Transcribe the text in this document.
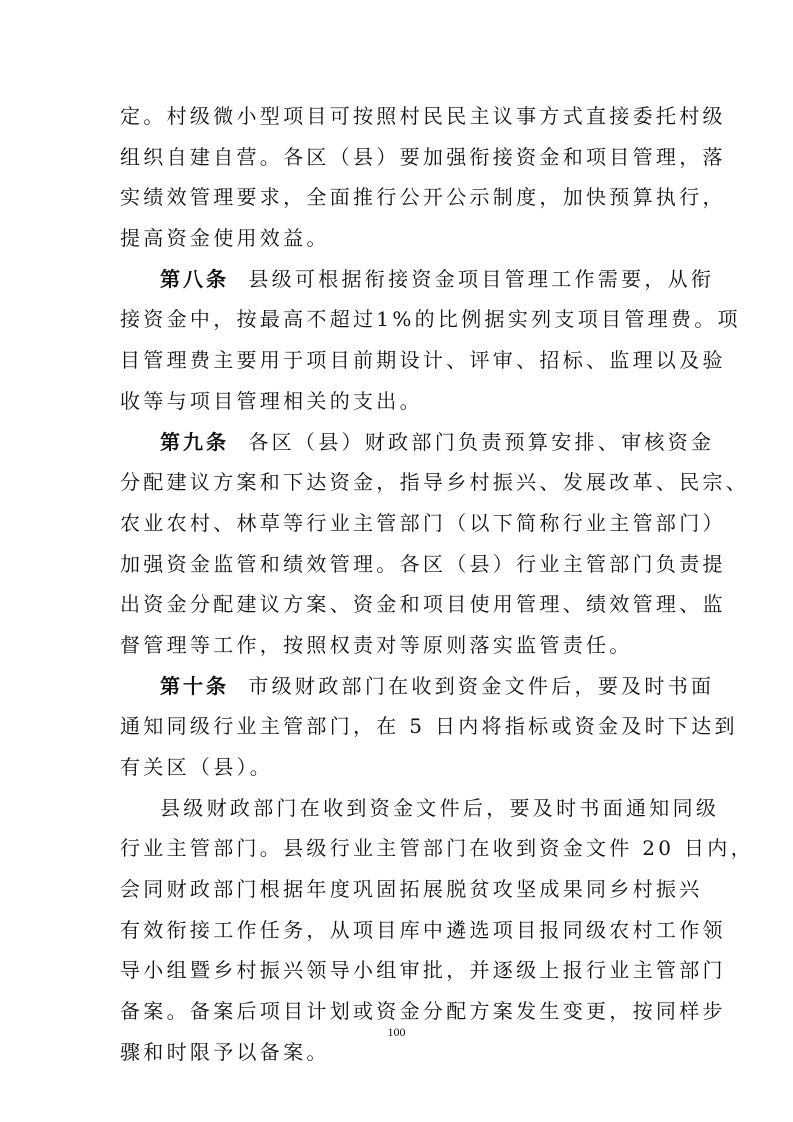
定。村级微小型项目可按照村民民主议事方式直接委托村级
组织自建自营。各区（县）要加强衔接资金和项目管理，落
实绩效管理要求，全面推行公开公示制度，加快预算执行，
提高资金使用效益。
第八条 县级可根据衔接资金项目管理工作需要，从衔
接资金中，按最高不超过1%的比例据实列支项目管理费。项
目管理费主要用于项目前期设计、评审、招标、监理以及验
收等与项目管理相关的支出。
第九条 各区（县）财政部门负责预算安排、审核资金
分配建议方案和下达资金，指导乡村振兴、发展改革、民宗、
农业农村、林草等行业主管部门（以下简称行业主管部门）
加强资金监管和绩效管理。各区（县）行业主管部门负责提
出资金分配建议方案、资金和项目使用管理、绩效管理、监
督管理等工作，按照权责对等原则落实监管责任。
第十条 市级财政部门在收到资金文件后，要及时书面
通知同级行业主管部门，在 5 日内将指标或资金及时下达到
有关区（县）。
县级财政部门在收到资金文件后，要及时书面通知同级
行业主管部门。县级行业主管部门在收到资金文件 20 日内，
会同财政部门根据年度巩固拓展脱贫攻坚成果同乡村振兴
有效衔接工作任务，从项目库中遴选项目报同级农村工作领
导小组暨乡村振兴领导小组审批，并逐级上报行业主管部门
备案。备案后项目计划或资金分配方案发生变更，按同样步
骤和时限予以备案。
100
